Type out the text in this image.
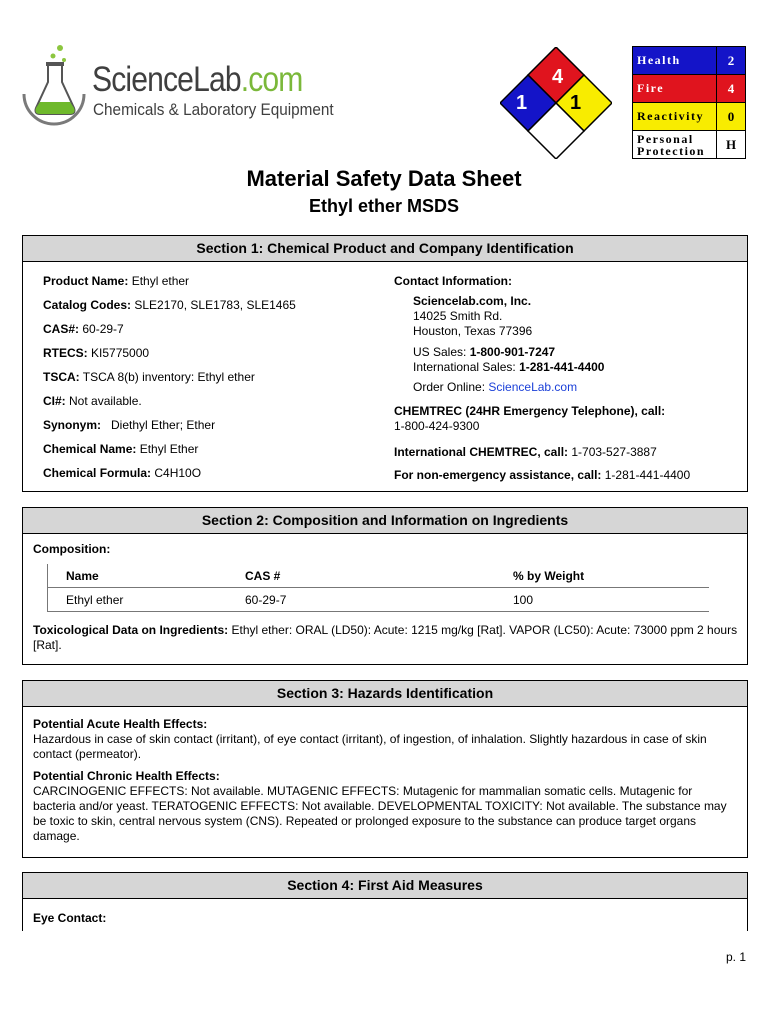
ScienceLab.com
Chemicals & Laboratory Equipment
4
1 1
Health	2
Fire	4
Reactivity	0
Personal
Protection	H
Material Safety Data Sheet
Ethyl ether MSDS
Section 1: Chemical Product and Company Identification
Product Name: Ethyl ether
Catalog Codes: SLE2170, SLE1783, SLE1465
CAS#: 60-29-7
RTECS: KI5775000
TSCA: TSCA 8(b) inventory: Ethyl ether
CI#: Not available.
Synonym:   Diethyl Ether; Ether
Chemical Name: Ethyl Ether
Chemical Formula: C4H10O
Contact Information:
Sciencelab.com, Inc.
14025 Smith Rd.
Houston, Texas 77396
US Sales: 1-800-901-7247
International Sales: 1-281-441-4400
Order Online: ScienceLab.com
CHEMTREC (24HR Emergency Telephone), call:
1-800-424-9300
International CHEMTREC, call: 1-703-527-3887
For non-emergency assistance, call: 1-281-441-4400
Section 2: Composition and Information on Ingredients
Composition:
Name	CAS #	% by Weight
Ethyl ether	60-29-7	100
Toxicological Data on Ingredients: Ethyl ether: ORAL (LD50): Acute: 1215 mg/kg [Rat]. VAPOR (LC50): Acute: 73000 ppm 2 hours [Rat].
Section 3: Hazards Identification
Potential Acute Health Effects:
Hazardous in case of skin contact (irritant), of eye contact (irritant), of ingestion, of inhalation. Slightly hazardous in case of skin contact (permeator).
Potential Chronic Health Effects:
CARCINOGENIC EFFECTS: Not available. MUTAGENIC EFFECTS: Mutagenic for mammalian somatic cells. Mutagenic for bacteria and/or yeast. TERATOGENIC EFFECTS: Not available. DEVELOPMENTAL TOXICITY: Not available. The substance may be toxic to skin, central nervous system (CNS). Repeated or prolonged exposure to the substance can produce target organs damage.
Section 4: First Aid Measures
Eye Contact:
p. 1
